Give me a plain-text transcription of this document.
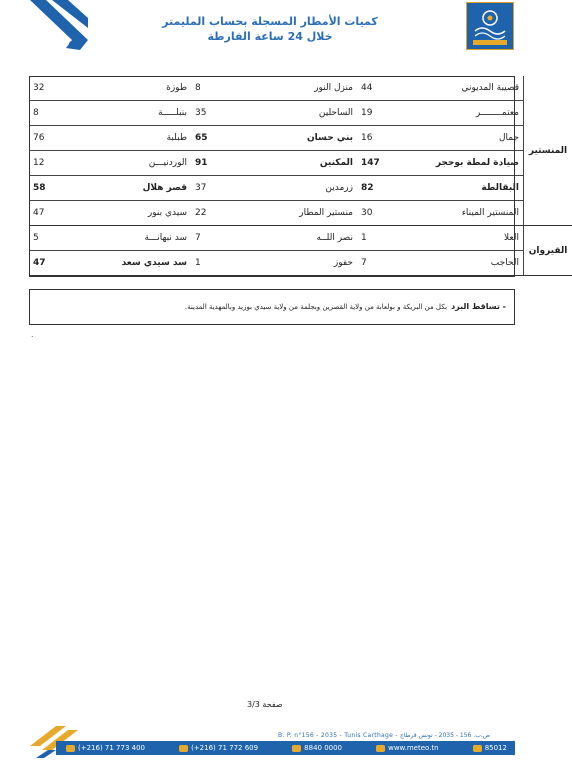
كميات الأمطار المسجلة بحساب المليمتر
خلال 24 ساعة الفارطة
المنستير	قصيبة المديوني	44	منزل النور	8	طوزة	32
	معتمــــــــر	19	الساحلين	35	بنبلـــــة	8
	جمال	16	بني حسان	65	طبلبة	76
	صيادة لمطة بوحجر	147	المكنين	91	الوردنيـــن	12
	البقالطة	82	زرمدين	37	قصر هلال	58
	المنستير الميناء	30	منستير المطار	22	سيدي بنور	47
القيروان	العلا	1	نصر اللــه	7	سد نبهانـــة	5
	الحاجب	7	حفوز	1	سد سيدي سعد	47
- تساقط البرد
بكل من البريكة و بولعابة من ولاية القصرين وبجلمة من ولاية سيدي بوزيد وبالمهدية المدينة.
.
صفحة 3/3
B. P. n°156 - 2035 - Tunis Carthage - ص.ب. 156 - 2035 - تونس قرطاج
(+216) 71 773 400	(+216) 71 772 609	8840 0000	www.meteo.tn	85012
